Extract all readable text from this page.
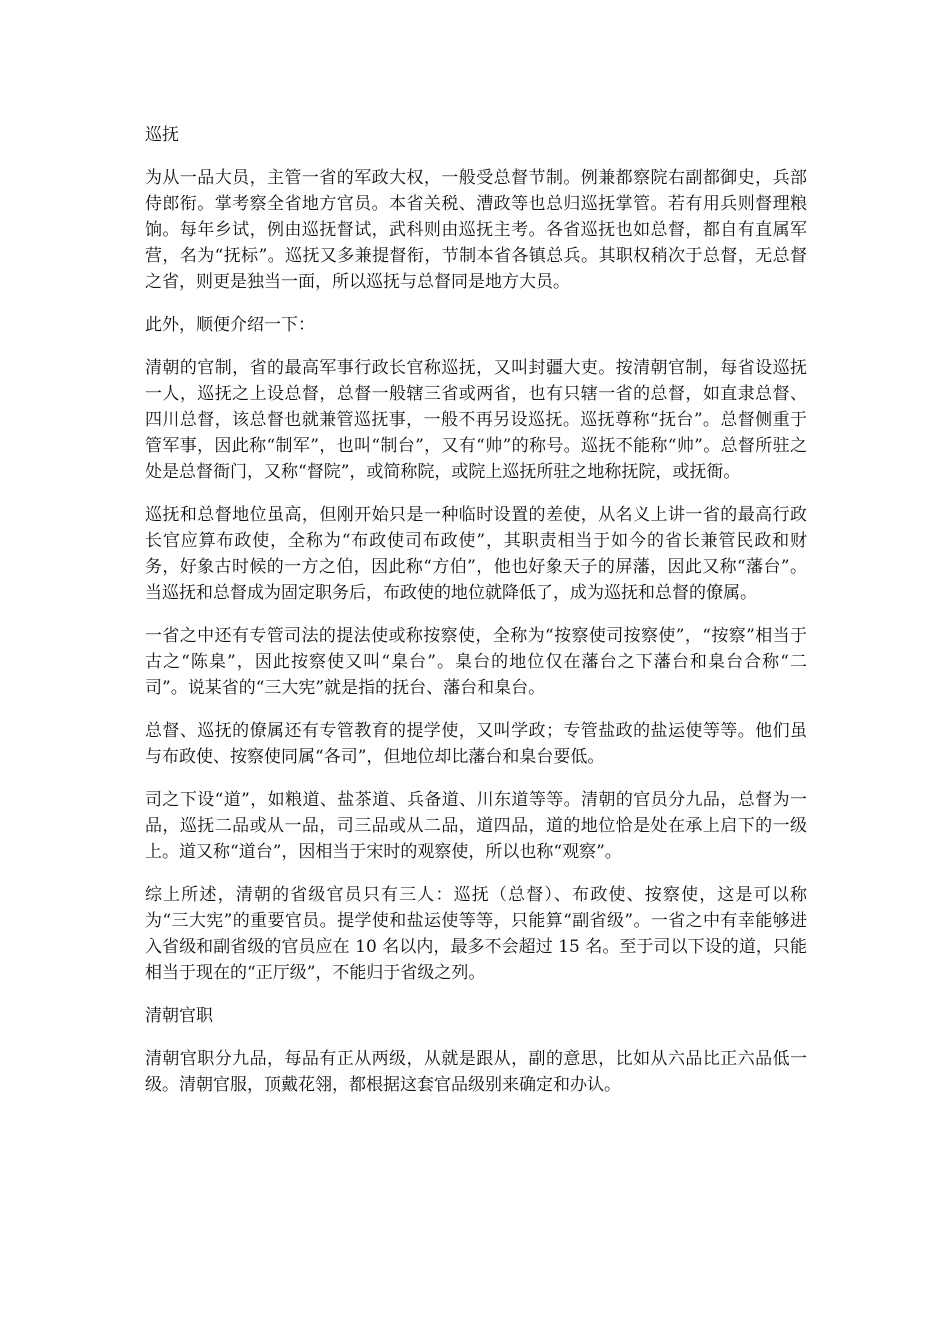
巡抚

为从一品大员，主管一省的军政大权，一般受总督节制。例兼都察院右副都御史，兵部侍郎衔。掌考察全省地方官员。本省关税、漕政等也总归巡抚掌管。若有用兵则督理粮饷。每年乡试，例由巡抚督试，武科则由巡抚主考。各省巡抚也如总督，都自有直属军营，名为“抚标”。巡抚又多兼提督衔，节制本省各镇总兵。其职权稍次于总督，无总督之省，则更是独当一面，所以巡抚与总督同是地方大员。

此外，顺便介绍一下：

清朝的官制，省的最高军事行政长官称巡抚，又叫封疆大吏。按清朝官制，每省设巡抚一人，巡抚之上设总督，总督一般辖三省或两省，也有只辖一省的总督，如直隶总督、四川总督，该总督也就兼管巡抚事，一般不再另设巡抚。巡抚尊称“抚台”。总督侧重于管军事，因此称“制军”，也叫“制台”，又有“帅”的称号。巡抚不能称“帅”。总督所驻之处是总督衙门，又称“督院”，或简称院，或院上巡抚所驻之地称抚院，或抚衙。

巡抚和总督地位虽高，但刚开始只是一种临时设置的差使，从名义上讲一省的最高行政长官应算布政使，全称为“布政使司布政使”，其职责相当于如今的省长兼管民政和财务，好象古时候的一方之伯，因此称“方伯”，他也好象天子的屏藩，因此又称“藩台”。当巡抚和总督成为固定职务后，布政使的地位就降低了，成为巡抚和总督的僚属。

一省之中还有专管司法的提法使或称按察使，全称为“按察使司按察使”，“按察”相当于古之“陈臬”，因此按察使又叫“臬台”。臬台的地位仅在藩台之下藩台和臬台合称“二司”。说某省的“三大宪”就是指的抚台、藩台和臬台。

总督、巡抚的僚属还有专管教育的提学使，又叫学政；专管盐政的盐运使等等。他们虽与布政使、按察使同属“各司”，但地位却比藩台和臬台要低。

司之下设“道”，如粮道、盐茶道、兵备道、川东道等等。清朝的官员分九品，总督为一品，巡抚二品或从一品，司三品或从二品，道四品，道的地位恰是处在承上启下的一级上。道又称“道台”，因相当于宋时的观察使，所以也称“观察”。

综上所述，清朝的省级官员只有三人：巡抚（总督）、布政使、按察使，这是可以称为“三大宪”的重要官员。提学使和盐运使等等，只能算“副省级”。一省之中有幸能够进入省级和副省级的官员应在 10 名以内，最多不会超过 15 名。至于司以下设的道，只能相当于现在的“正厅级”，不能归于省级之列。

清朝官职

清朝官职分九品，每品有正从两级，从就是跟从，副的意思，比如从六品比正六品低一级。清朝官服，顶戴花翎，都根据这套官品级别来确定和办认。
